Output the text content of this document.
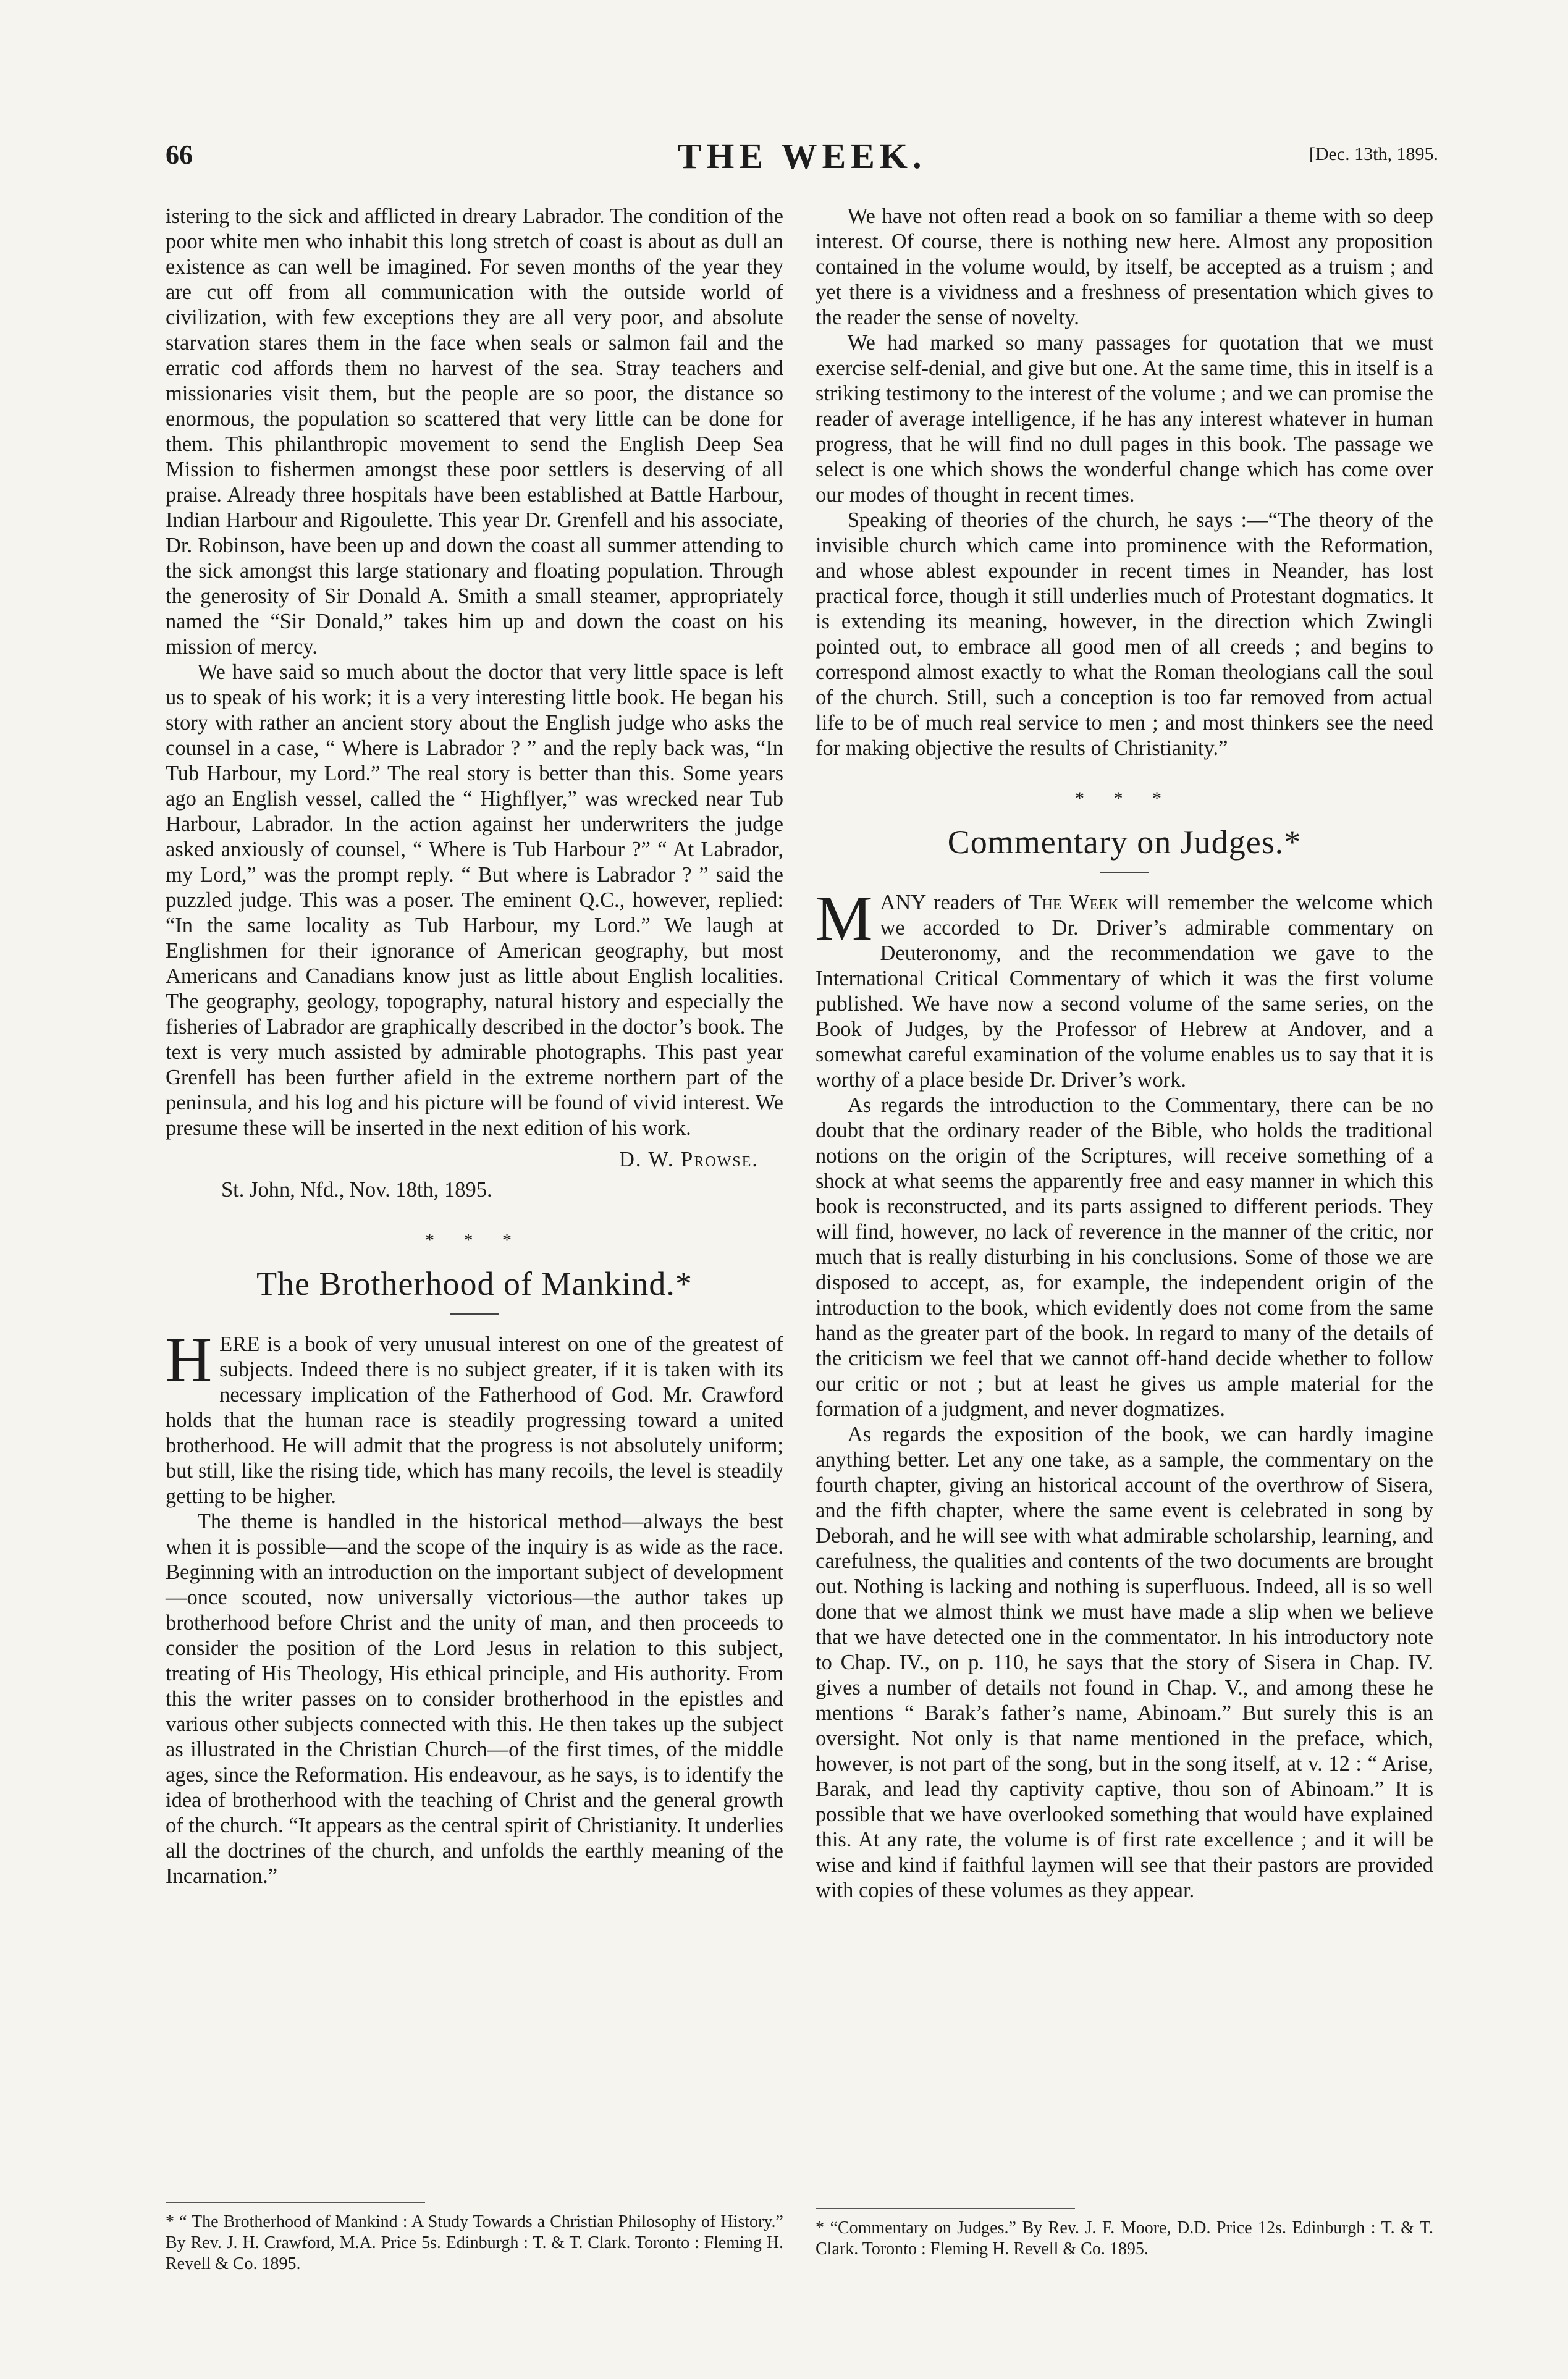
66	THE WEEK.	[Dec. 13th, 1895.

istering to the sick and afflicted in dreary Labrador. The condition of the poor white men who inhabit this long stretch of coast is about as dull an existence as can well be imagined. For seven months of the year they are cut off from all communication with the outside world of civilization, with few exceptions they are all very poor, and absolute starvation stares them in the face when seals or salmon fail and the erratic cod affords them no harvest of the sea. Stray teachers and missionaries visit them, but the people are so poor, the distance so enormous, the population so scattered that very little can be done for them. This philanthropic movement to send the English Deep Sea Mission to fishermen amongst these poor settlers is deserving of all praise. Already three hospitals have been established at Battle Harbour, Indian Harbour and Rigoulette. This year Dr. Grenfell and his associate, Dr. Robinson, have been up and down the coast all summer attending to the sick amongst this large stationary and floating population. Through the generosity of Sir Donald A. Smith a small steamer, appropriately named the “Sir Donald,” takes him up and down the coast on his mission of mercy.

We have said so much about the doctor that very little space is left us to speak of his work; it is a very interesting little book. He began his story with rather an ancient story about the English judge who asks the counsel in a case, “ Where is Labrador ? ” and the reply back was, “In Tub Harbour, my Lord.” The real story is better than this. Some years ago an English vessel, called the “ Highflyer,” was wrecked near Tub Harbour, Labrador. In the action against her underwriters the judge asked anxiously of counsel, “ Where is Tub Harbour ?” “ At Labrador, my Lord,” was the prompt reply. “ But where is Labrador ? ” said the puzzled judge. This was a poser. The eminent Q.C., however, replied: “In the same locality as Tub Harbour, my Lord.” We laugh at Englishmen for their ignorance of American geography, but most Americans and Canadians know just as little about English localities. The geography, geology, topography, natural history and especially the fisheries of Labrador are graphically described in the doctor’s book. The text is very much assisted by admirable photographs. This past year Grenfell has been further afield in the extreme northern part of the peninsula, and his log and his picture will be found of vivid interest. We presume these will be inserted in the next edition of his work.

D. W. Prowse.
St. John, Nfd., Nov. 18th, 1895.
* * *
The Brotherhood of Mankind.*

HERE is a book of very unusual interest on one of the greatest of subjects. Indeed there is no subject greater, if it is taken with its necessary implication of the Fatherhood of God. Mr. Crawford holds that the human race is steadily progressing toward a united brotherhood. He will admit that the progress is not absolutely uniform; but still, like the rising tide, which has many recoils, the level is steadily getting to be higher.

The theme is handled in the historical method—always the best when it is possible—and the scope of the inquiry is as wide as the race. Beginning with an introduction on the important subject of development—once scouted, now universally victorious—the author takes up brotherhood before Christ and the unity of man, and then proceeds to consider the position of the Lord Jesus in relation to this subject, treating of His Theology, His ethical principle, and His authority. From this the writer passes on to consider brotherhood in the epistles and various other subjects connected with this. He then takes up the subject as illustrated in the Christian Church—of the first times, of the middle ages, since the Reformation. His endeavour, as he says, is to identify the idea of brotherhood with the teaching of Christ and the general growth of the church. “It appears as the central spirit of Christianity. It underlies all the doctrines of the church, and unfolds the earthly meaning of the Incarnation.”

* “ The Brotherhood of Mankind : A Study Towards a Christian Philosophy of History.” By Rev. J. H. Crawford, M.A. Price 5s. Edinburgh : T. & T. Clark. Toronto : Fleming H. Revell & Co. 1895.

We have not often read a book on so familiar a theme with so deep interest. Of course, there is nothing new here. Almost any proposition contained in the volume would, by itself, be accepted as a truism ; and yet there is a vividness and a freshness of presentation which gives to the reader the sense of novelty.

We had marked so many passages for quotation that we must exercise self-denial, and give but one. At the same time, this in itself is a striking testimony to the interest of the volume ; and we can promise the reader of average intelligence, if he has any interest whatever in human progress, that he will find no dull pages in this book. The passage we select is one which shows the wonderful change which has come over our modes of thought in recent times.

Speaking of theories of the church, he says :—“The theory of the invisible church which came into prominence with the Reformation, and whose ablest expounder in recent times in Neander, has lost practical force, though it still underlies much of Protestant dogmatics. It is extending its meaning, however, in the direction which Zwingli pointed out, to embrace all good men of all creeds ; and begins to correspond almost exactly to what the Roman theologians call the soul of the church. Still, such a conception is too far removed from actual life to be of much real service to men ; and most thinkers see the need for making objective the results of Christianity.”

* * *
Commentary on Judges.*

MANY readers of The Week will remember the welcome which we accorded to Dr. Driver’s admirable commentary on Deuteronomy, and the recommendation we gave to the International Critical Commentary of which it was the first volume published. We have now a second volume of the same series, on the Book of Judges, by the Professor of Hebrew at Andover, and a somewhat careful examination of the volume enables us to say that it is worthy of a place beside Dr. Driver’s work.

As regards the introduction to the Commentary, there can be no doubt that the ordinary reader of the Bible, who holds the traditional notions on the origin of the Scriptures, will receive something of a shock at what seems the apparently free and easy manner in which this book is reconstructed, and its parts assigned to different periods. They will find, however, no lack of reverence in the manner of the critic, nor much that is really disturbing in his conclusions. Some of those we are disposed to accept, as, for example, the independent origin of the introduction to the book, which evidently does not come from the same hand as the greater part of the book. In regard to many of the details of the criticism we feel that we cannot off-hand decide whether to follow our critic or not ; but at least he gives us ample material for the formation of a judgment, and never dogmatizes.

As regards the exposition of the book, we can hardly imagine anything better. Let any one take, as a sample, the commentary on the fourth chapter, giving an historical account of the overthrow of Sisera, and the fifth chapter, where the same event is celebrated in song by Deborah, and he will see with what admirable scholarship, learning, and carefulness, the qualities and contents of the two documents are brought out. Nothing is lacking and nothing is superfluous. Indeed, all is so well done that we almost think we must have made a slip when we believe that we have detected one in the commentator. In his introductory note to Chap. IV., on p. 110, he says that the story of Sisera in Chap. IV. gives a number of details not found in Chap. V., and among these he mentions “ Barak’s father’s name, Abinoam.” But surely this is an oversight. Not only is that name mentioned in the preface, which, however, is not part of the song, but in the song itself, at v. 12 : “ Arise, Barak, and lead thy captivity captive, thou son of Abinoam.” It is possible that we have overlooked something that would have explained this. At any rate, the volume is of first rate excellence ; and it will be wise and kind if faithful laymen will see that their pastors are provided with copies of these volumes as they appear.

* “Commentary on Judges.” By Rev. J. F. Moore, D.D. Price 12s. Edinburgh : T. & T. Clark. Toronto : Fleming H. Revell & Co. 1895.
